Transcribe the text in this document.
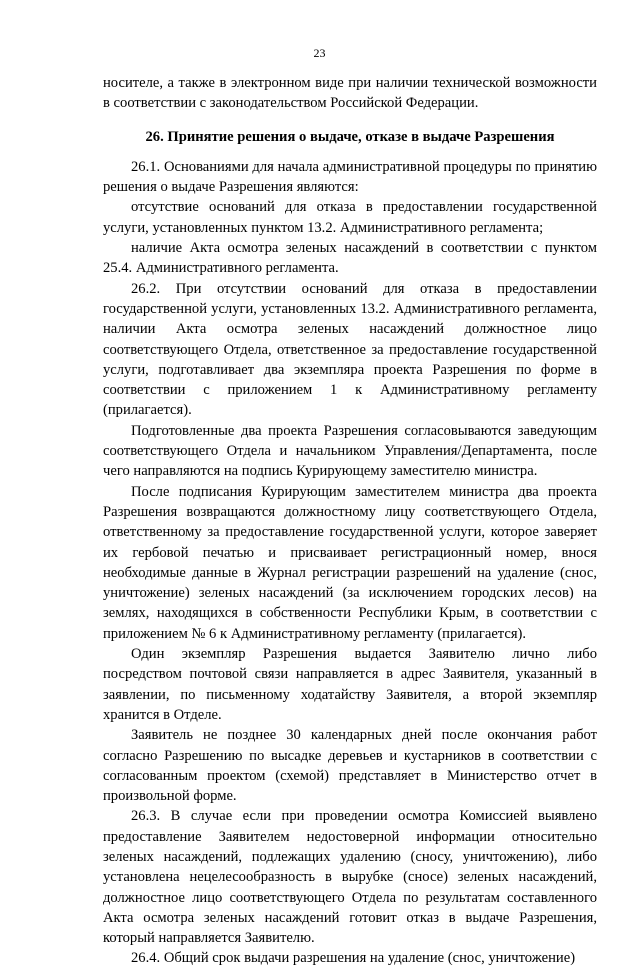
23

носителе, а также в электронном виде при наличии технической возможности в соответствии с законодательством Российской Федерации.

26. Принятие решения о выдаче, отказе в выдаче Разрешения

26.1. Основаниями для начала административной процедуры по принятию решения о выдаче Разрешения являются:

отсутствие оснований для отказа в предоставлении государственной услуги, установленных пунктом 13.2. Административного регламента;

наличие Акта осмотра зеленых насаждений в соответствии с пунктом 25.4. Административного регламента.

26.2. При отсутствии оснований для отказа в предоставлении государственной услуги, установленных 13.2. Административного регламента, наличии Акта осмотра зеленых насаждений должностное лицо соответствующего Отдела, ответственное за предоставление государственной услуги, подготавливает два экземпляра проекта Разрешения по форме в соответствии с приложением 1 к Административному регламенту (прилагается).

Подготовленные два проекта Разрешения согласовываются заведующим соответствующего Отдела и начальником Управления/Департамента, после чего направляются на подпись Курирующему заместителю министра.

После подписания Курирующим заместителем министра два проекта Разрешения возвращаются должностному лицу соответствующего Отдела, ответственному за предоставление государственной услуги, которое заверяет их гербовой печатью и присваивает регистрационный номер, внося необходимые данные в Журнал регистрации разрешений на удаление (снос, уничтожение) зеленых насаждений (за исключением городских лесов) на землях, находящихся в собственности Республики Крым, в соответствии с приложением № 6 к Административному регламенту (прилагается).

Один экземпляр Разрешения выдается Заявителю лично либо посредством почтовой связи направляется в адрес Заявителя, указанный в заявлении, по письменному ходатайству Заявителя, а второй экземпляр хранится в Отделе.

Заявитель не позднее 30 календарных дней после окончания работ согласно Разрешению по высадке деревьев и кустарников в соответствии с согласованным проектом (схемой) представляет в Министерство отчет в произвольной форме.

26.3. В случае если при проведении осмотра Комиссией выявлено предоставление Заявителем недостоверной информации относительно зеленых насаждений, подлежащих удалению (сносу, уничтожению), либо установлена нецелесообразность в вырубке (сносе) зеленых насаждений, должностное лицо соответствующего Отдела по результатам составленного Акта осмотра зеленых насаждений готовит отказ в выдаче Разрешения, который направляется Заявителю.

26.4. Общий срок выдачи разрешения на удаление (снос, уничтожение)
